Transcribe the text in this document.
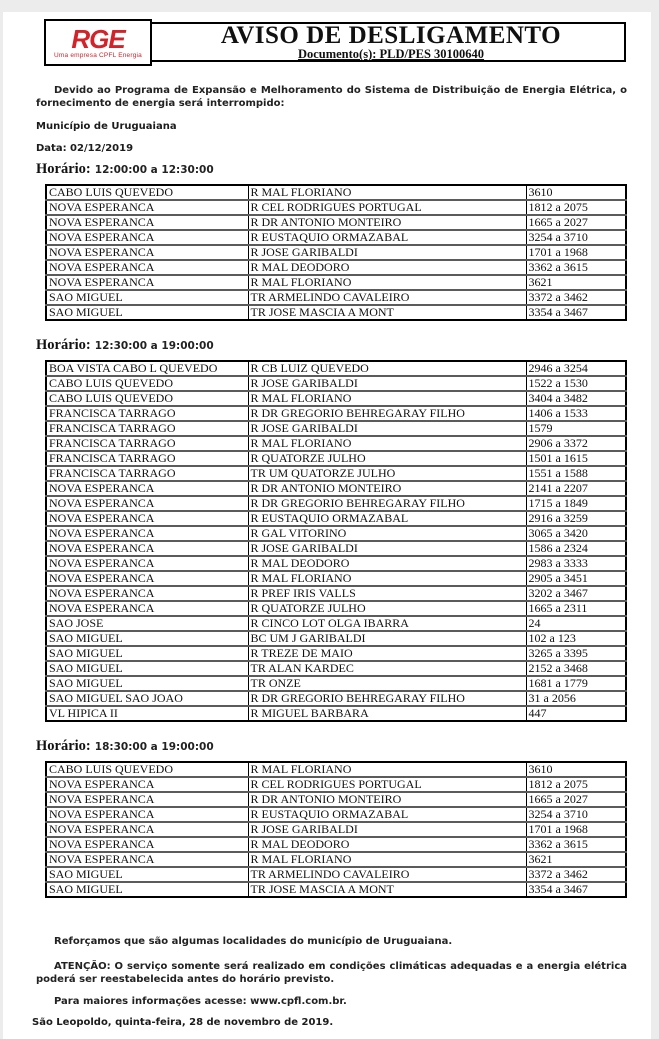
AVISO DE DESLIGAMENTO
Documento(s): PLD/PES 30100640
RGE
Uma empresa CPFL Energia

Devido ao Programa de Expansão e Melhoramento do Sistema de Distribuição de Energia Elétrica, o fornecimento de energia será interrompido:

Município de Uruguaiana

Data: 02/12/2019

Horário: 12:00:00 a 12:30:00
CABO LUIS QUEVEDO	R MAL FLORIANO	3610
NOVA ESPERANCA	R CEL RODRIGUES PORTUGAL	1812 a 2075
NOVA ESPERANCA	R DR ANTONIO MONTEIRO	1665 a 2027
NOVA ESPERANCA	R EUSTAQUIO ORMAZABAL	3254 a 3710
NOVA ESPERANCA	R JOSE GARIBALDI	1701 a 1968
NOVA ESPERANCA	R MAL DEODORO	3362 a 3615
NOVA ESPERANCA	R MAL FLORIANO	3621
SAO MIGUEL	TR ARMELINDO CAVALEIRO	3372 a 3462
SAO MIGUEL	TR JOSE MASCIA A MONT	3354 a 3467
Horário: 12:30:00 a 19:00:00
BOA VISTA CABO L QUEVEDO	R CB LUIZ QUEVEDO	2946 a 3254
CABO LUIS QUEVEDO	R JOSE GARIBALDI	1522 a 1530
CABO LUIS QUEVEDO	R MAL FLORIANO	3404 a 3482
FRANCISCA TARRAGO	R DR GREGORIO BEHREGARAY FILHO	1406 a 1533
FRANCISCA TARRAGO	R JOSE GARIBALDI	1579
FRANCISCA TARRAGO	R MAL FLORIANO	2906 a 3372
FRANCISCA TARRAGO	R QUATORZE JULHO	1501 a 1615
FRANCISCA TARRAGO	TR UM QUATORZE JULHO	1551 a 1588
NOVA ESPERANCA	R DR ANTONIO MONTEIRO	2141 a 2207
NOVA ESPERANCA	R DR GREGORIO BEHREGARAY FILHO	1715 a 1849
NOVA ESPERANCA	R EUSTAQUIO ORMAZABAL	2916 a 3259
NOVA ESPERANCA	R GAL VITORINO	3065 a 3420
NOVA ESPERANCA	R JOSE GARIBALDI	1586 a 2324
NOVA ESPERANCA	R MAL DEODORO	2983 a 3333
NOVA ESPERANCA	R MAL FLORIANO	2905 a 3451
NOVA ESPERANCA	R PREF IRIS VALLS	3202 a 3467
NOVA ESPERANCA	R QUATORZE JULHO	1665 a 2311
SAO JOSE	R CINCO LOT OLGA IBARRA	24
SAO MIGUEL	BC UM J GARIBALDI	102 a 123
SAO MIGUEL	R TREZE DE MAIO	3265 a 3395
SAO MIGUEL	TR ALAN KARDEC	2152 a 3468
SAO MIGUEL	TR ONZE	1681 a 1779
SAO MIGUEL SAO JOAO	R DR GREGORIO BEHREGARAY FILHO	31 a 2056
VL HIPICA II	R MIGUEL BARBARA	447
Horário: 18:30:00 a 19:00:00
CABO LUIS QUEVEDO	R MAL FLORIANO	3610
NOVA ESPERANCA	R CEL RODRIGUES PORTUGAL	1812 a 2075
NOVA ESPERANCA	R DR ANTONIO MONTEIRO	1665 a 2027
NOVA ESPERANCA	R EUSTAQUIO ORMAZABAL	3254 a 3710
NOVA ESPERANCA	R JOSE GARIBALDI	1701 a 1968
NOVA ESPERANCA	R MAL DEODORO	3362 a 3615
NOVA ESPERANCA	R MAL FLORIANO	3621
SAO MIGUEL	TR ARMELINDO CAVALEIRO	3372 a 3462
SAO MIGUEL	TR JOSE MASCIA A MONT	3354 a 3467

Reforçamos que são algumas localidades do município de Uruguaiana.

ATENÇÃO: O serviço somente será realizado em condições climáticas adequadas e a energia elétrica poderá ser reestabelecida antes do horário previsto.

Para maiores informações acesse: www.cpfl.com.br.

São Leopoldo, quinta-feira, 28 de novembro de 2019.
